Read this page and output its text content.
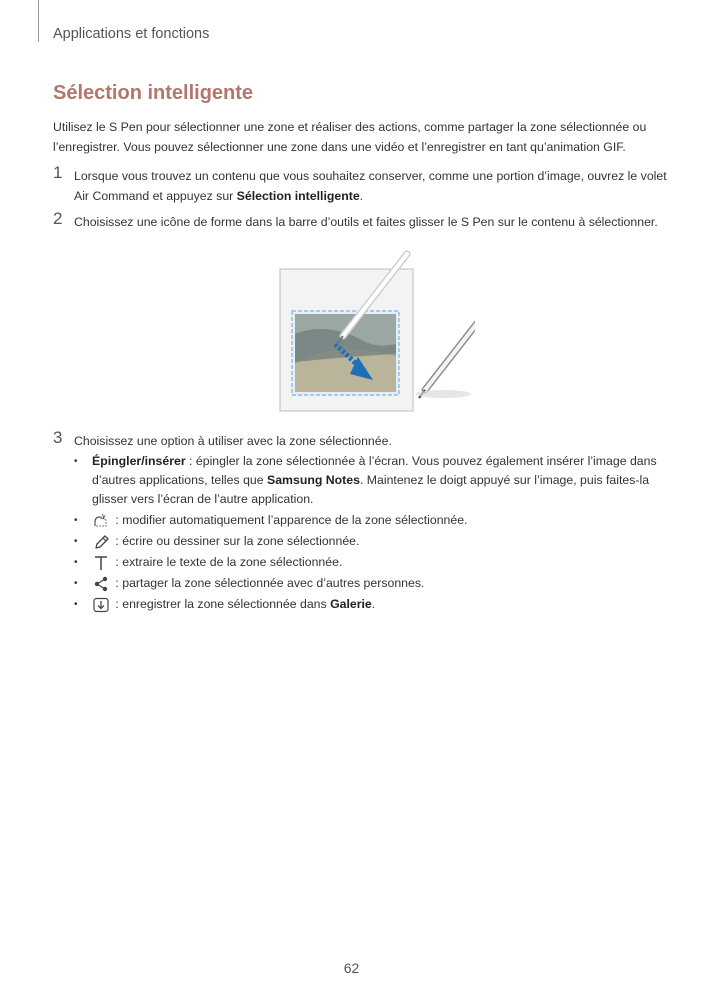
Applications et fonctions
Sélection intelligente
Utilisez le S Pen pour sélectionner une zone et réaliser des actions, comme partager la zone sélectionnée ou l’enregistrer. Vous pouvez sélectionner une zone dans une vidéo et l’enregistrer en tant qu’animation GIF.
1 Lorsque vous trouvez un contenu que vous souhaitez conserver, comme une portion d’image, ouvrez le volet Air Command et appuyez sur Sélection intelligente.
2 Choisissez une icône de forme dans la barre d’outils et faites glisser le S Pen sur le contenu à sélectionner.
3 Choisissez une option à utiliser avec la zone sélectionnée.
• Épingler/insérer : épingler la zone sélectionnée à l’écran. Vous pouvez également insérer l’image dans d’autres applications, telles que Samsung Notes. Maintenez le doigt appuyé sur l’image, puis faites-la glisser vers l’écran de l’autre application.
•	: modifier automatiquement l’apparence de la zone sélectionnée.
•	: écrire ou dessiner sur la zone sélectionnée.
•	: extraire le texte de la zone sélectionnée.
•	: partager la zone sélectionnée avec d’autres personnes.
•	: enregistrer la zone sélectionnée dans Galerie.
62
